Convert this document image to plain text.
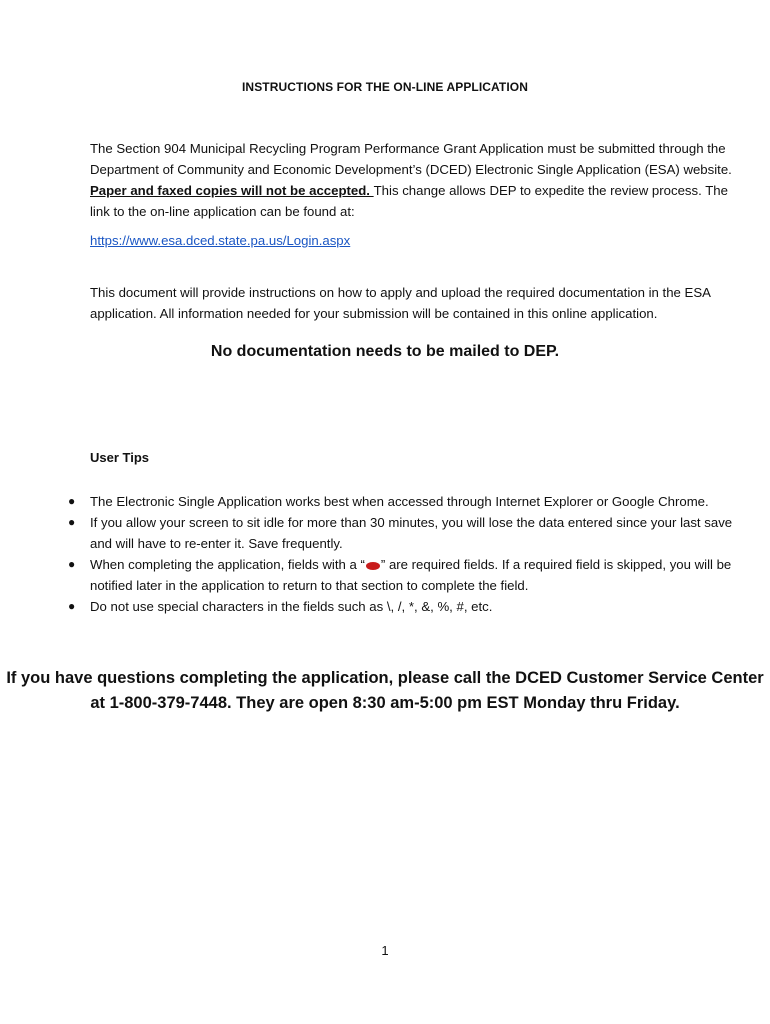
INSTRUCTIONS FOR THE ON-LINE APPLICATION
The Section 904 Municipal Recycling Program Performance Grant Application must be submitted through the Department of Community and Economic Development’s (DCED) Electronic Single Application (ESA) website. Paper and faxed copies will not be accepted. This change allows DEP to expedite the review process. The link to the on-line application can be found at:
https://www.esa.dced.state.pa.us/Login.aspx
This document will provide instructions on how to apply and upload the required documentation in the ESA application. All information needed for your submission will be contained in this online application.
No documentation needs to be mailed to DEP.
User Tips
● The Electronic Single Application works best when accessed through Internet Explorer or Google Chrome.
● If you allow your screen to sit idle for more than 30 minutes, you will lose the data entered since your last save and will have to re-enter it. Save frequently.
● When completing the application, fields with a “ ” are required fields. If a required field is skipped, you will be notified later in the application to return to that section to complete the field.
● Do not use special characters in the fields such as \, /, *, &, %, #, etc.
If you have questions completing the application, please call the DCED Customer Service Center at 1-800-379-7448. They are open 8:30 am-5:00 pm EST Monday thru Friday.
1
